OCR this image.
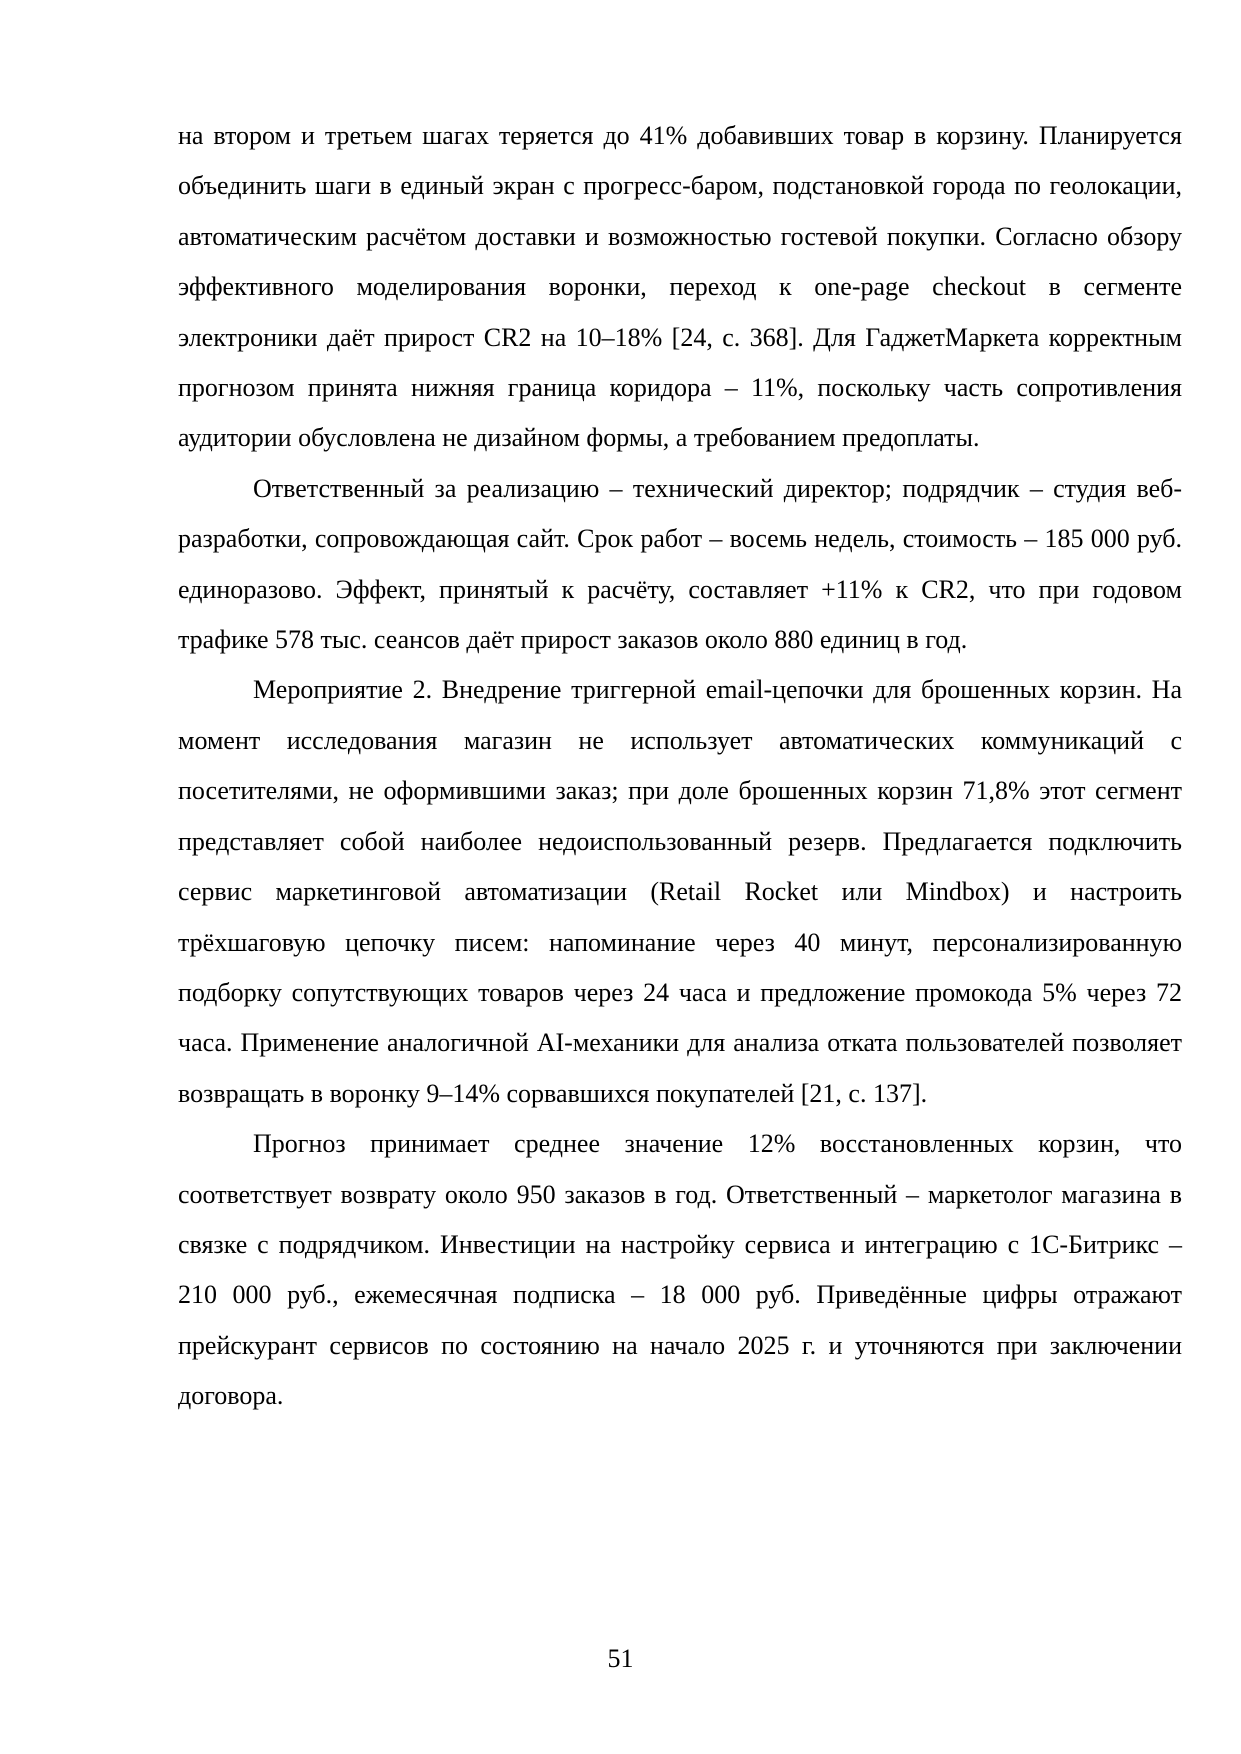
на втором и третьем шагах теряется до 41% добавивших товар в корзину. Планируется объединить шаги в единый экран с прогресс-баром, подстановкой города по геолокации, автоматическим расчётом доставки и возможностью гостевой покупки. Согласно обзору эффективного моделирования воронки, переход к one-page checkout в сегменте электроники даёт прирост CR2 на 10–18% [24, с. 368]. Для ГаджетМаркета корректным прогнозом принята нижняя граница коридора – 11%, поскольку часть сопротивления аудитории обусловлена не дизайном формы, а требованием предоплаты.

Ответственный за реализацию – технический директор; подрядчик – студия веб-разработки, сопровождающая сайт. Срок работ – восемь недель, стоимость – 185 000 руб. единоразово. Эффект, принятый к расчёту, составляет +11% к CR2, что при годовом трафике 578 тыс. сеансов даёт прирост заказов около 880 единиц в год.

Мероприятие 2. Внедрение триггерной email-цепочки для брошенных корзин. На момент исследования магазин не использует автоматических коммуникаций с посетителями, не оформившими заказ; при доле брошенных корзин 71,8% этот сегмент представляет собой наиболее недоиспользованный резерв. Предлагается подключить сервис маркетинговой автоматизации (Retail Rocket или Mindbox) и настроить трёхшаговую цепочку писем: напоминание через 40 минут, персонализированную подборку сопутствующих товаров через 24 часа и предложение промокода 5% через 72 часа. Применение аналогичной AI-механики для анализа отката пользователей позволяет возвращать в воронку 9–14% сорвавшихся покупателей [21, с. 137].

Прогноз принимает среднее значение 12% восстановленных корзин, что соответствует возврату около 950 заказов в год. Ответственный – маркетолог магазина в связке с подрядчиком. Инвестиции на настройку сервиса и интеграцию с 1С-Битрикс – 210 000 руб., ежемесячная подписка – 18 000 руб. Приведённые цифры отражают прейскурант сервисов по состоянию на начало 2025 г. и уточняются при заключении договора.

51
